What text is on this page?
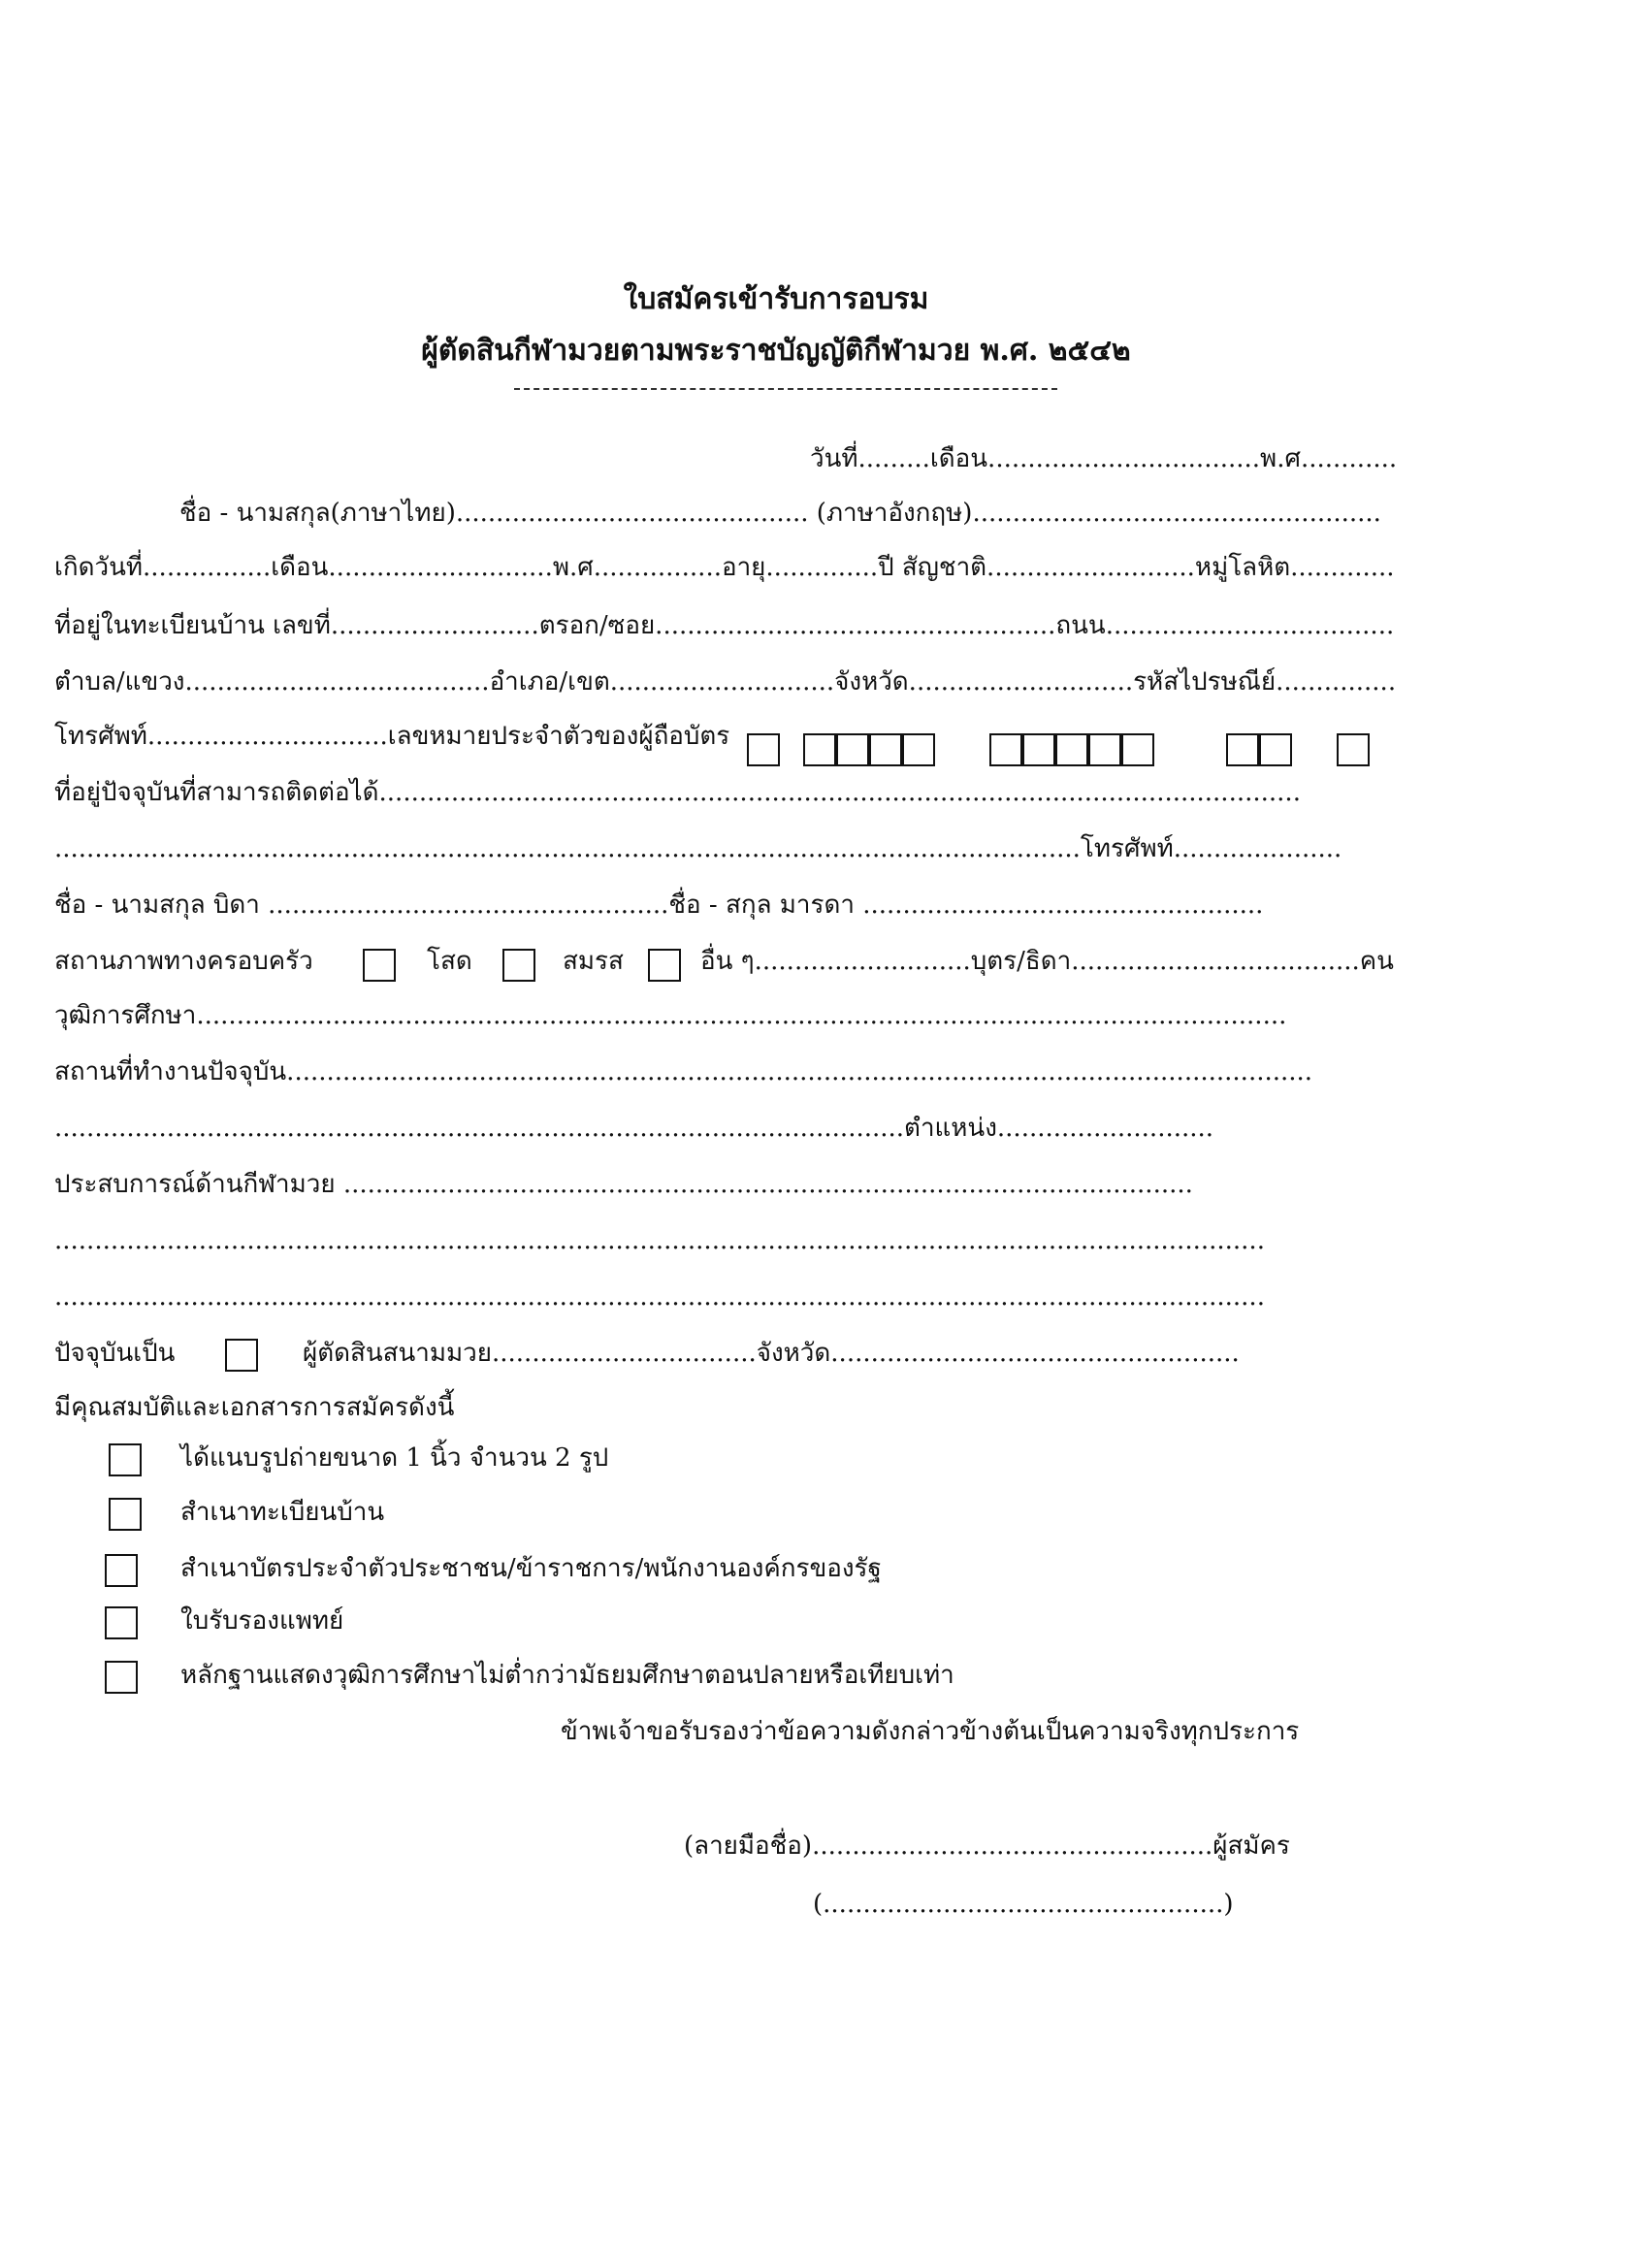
ใบสมัครเข้ารับการอบรม
ผู้ตัดสินกีฬามวยตามพระราชบัญญัติกีฬามวย พ.ศ. ๒๕๔๒
วันที่.........เดือน..................................พ.ศ............
ชื่อ - นามสกุล(ภาษาไทย)............................................ (ภาษาอังกฤษ)...................................................
เกิดวันที่................เดือน............................พ.ศ................อายุ..............ปี สัญชาติ..........................หมู่โลหิต.............
ที่อยู่ในทะเบียนบ้าน เลขที่..........................ตรอก/ซอย..................................................ถนน....................................
ตำบล/แขวง......................................อำเภอ/เขต............................จังหวัด............................รหัสไปรษณีย์...............
โทรศัพท์..............................เลขหมายประจำตัวของผู้ถือบัตร
ที่อยู่ปัจจุบันที่สามารถติดต่อได้...................................................................................................................
................................................................................................................................โทรศัพท์.....................
ชื่อ - นามสกุล บิดา ..................................................ชื่อ - สกุล มารดา ..................................................
สถานภาพทางครอบครัว	โสด	สมรส	อื่น ๆ...........................บุตร/ธิดา....................................คน
วุฒิการศึกษา........................................................................................................................................
สถานที่ทำงานปัจจุบัน................................................................................................................................
..........................................................................................................ตำแหน่ง...........................
ประสบการณ์ด้านกีฬามวย ..........................................................................................................
.......................................................................................................................................................
.......................................................................................................................................................
ปัจจุบันเป็น	ผู้ตัดสินสนามมวย.................................จังหวัด...................................................
มีคุณสมบัติและเอกสารการสมัครดังนี้
ได้แนบรูปถ่ายขนาด 1 นิ้ว จำนวน 2 รูป
สำเนาทะเบียนบ้าน
สำเนาบัตรประจำตัวประชาชน/ข้าราชการ/พนักงานองค์กรของรัฐ
ใบรับรองแพทย์
หลักฐานแสดงวุฒิการศึกษาไม่ต่ำกว่ามัธยมศึกษาตอนปลายหรือเทียบเท่า
ข้าพเจ้าขอรับรองว่าข้อความดังกล่าวข้างต้นเป็นความจริงทุกประการ
(ลายมือชื่อ)..................................................ผู้สมัคร
(..................................................)
